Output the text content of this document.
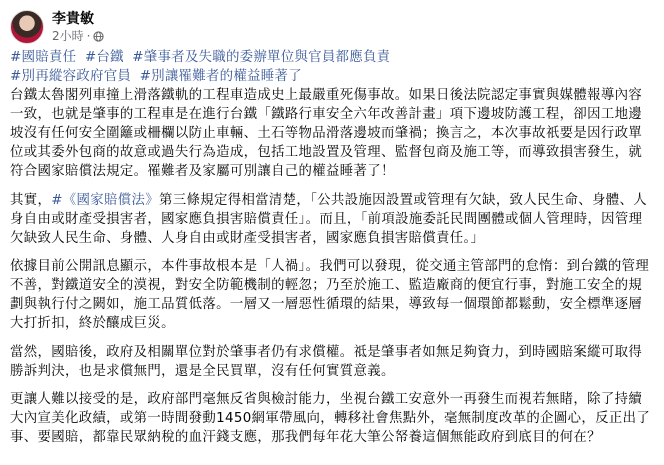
李貴敏
2小時 ·
#國賠責任 #台鐵 #肇事者及失職的委辦單位與官員都應負責
#別再縱容政府官員 #別讓罹難者的權益睡著了

台鐵太魯閣列車撞上滑落鐵軌的工程車造成史上最嚴重死傷事故。如果日後法院認定事實與媒體報導內容一致，也就是肇事的工程車是在進行台鐵「鐵路行車安全六年改善計畫」項下邊坡防護工程，卻因工地邊坡沒有任何安全圍籬或柵欄以防止車輛、土石等物品滑落邊坡而肇禍；換言之，本次事故祇要是因行政單位或其委外包商的故意或過失行為造成，包括工地設置及管理、監督包商及施工等，而導致損害發生，就符合國家賠償法規定。罹難者及家屬可別讓自己的權益睡著了！

其實，#《國家賠償法》第三條規定得相當清楚，「公共設施因設置或管理有欠缺，致人民生命、身體、人身自由或財產受損害者，國家應負損害賠償責任」。而且，「前項設施委託民間團體或個人管理時，因管理欠缺致人民生命、身體、人身自由或財產受損害者，國家應負損害賠償責任。」

依據目前公開訊息顯示，本件事故根本是「人禍」。我們可以發現，從交通主管部門的怠惰：到台鐵的管理不善，對鐵道安全的漠視，對安全防範機制的輕忽；乃至於施工、監造廠商的便宜行事，對施工安全的規劃與執行付之闕如，施工品質低落。一層又一層惡性循環的結果，導致每一個環節都鬆動，安全標準逐層大打折扣，終於釀成巨災。

當然，國賠後，政府及相關單位對於肇事者仍有求償權。祗是肇事者如無足夠資力，到時國賠案縱可取得勝訴判決，也是求償無門，還是全民買單，沒有任何實質意義。

更讓人難以接受的是，政府部門毫無反省與檢討能力，坐視台鐵工安意外一再發生而視若無睹，除了持續大內宣美化政績，或第一時間發動1450網軍帶風向，轉移社會焦點外，毫無制度改革的企圖心，反正出了事、要國賠，都靠民眾納稅的血汗錢支應，那我們每年花大筆公帑養這個無能政府到底目的何在？
